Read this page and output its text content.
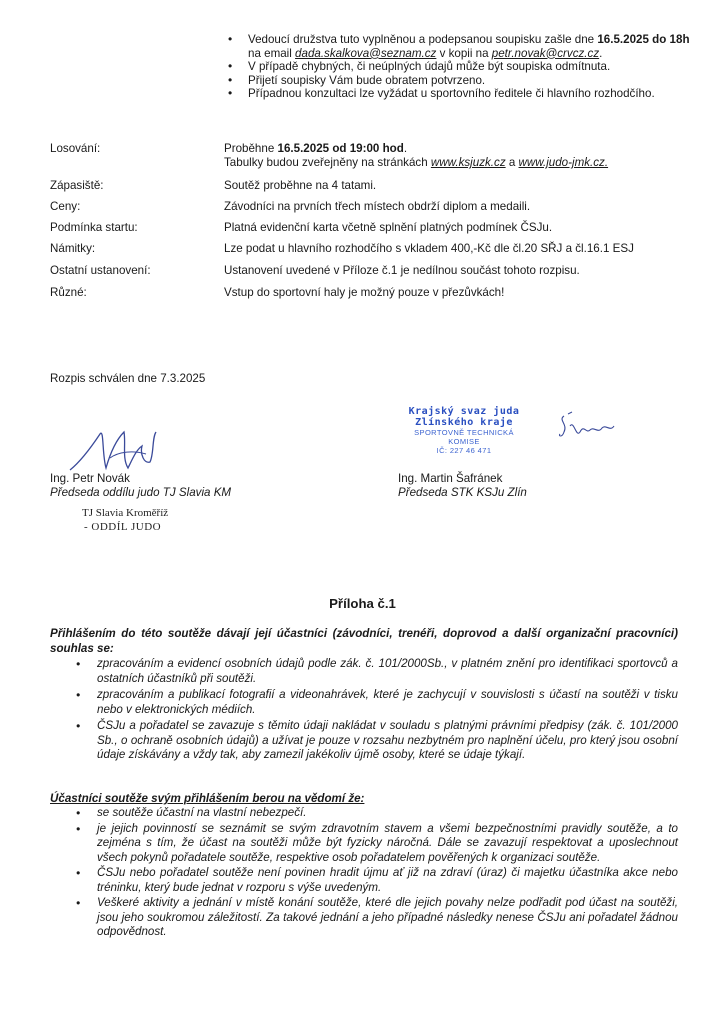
• Vedoucí družstva tuto vyplněnou a podepsanou soupisku zašle dne 16.5.2025 do 18h na email dada.skalkova@seznam.cz v kopii na petr.novak@crvcz.cz.
• V případě chybných, či neúplných údajů může být soupiska odmítnuta.
• Přijetí soupisky Vám bude obratem potvrzeno.
• Případnou konzultaci lze vyžádat u sportovního ředitele či hlavního rozhodčího.
Losování:	Proběhne 16.5.2025 od 19:00 hod.
Tabulky budou zveřejněny na stránkách www.ksjuzk.cz a www.judo-jmk.cz.
Zápasiště:	Soutěž proběhne na 4 tatami.
Ceny:	Závodníci na prvních třech místech obdrží diplom a medaili.
Podmínka startu:	Platná evidenční karta včetně splnění platných podmínek ČSJu.
Námitky:	Lze podat u hlavního rozhodčího s vkladem 400,-Kč dle čl.20 SŘJ a čl.16.1 ESJ
Ostatní ustanovení:	Ustanovení uvedené v Příloze č.1 je nedílnou součást tohoto rozpisu.
Různé:	Vstup do sportovní haly je možný pouze v přezůvkách!
Rozpis schválen dne 7.3.2025
Ing. Petr Novák
Předseda oddílu judo TJ Slavia KM
TJ Slavia Kroměříž
- ODDÍL JUDO
Krajský svaz juda
Zlínského kraje
SPORTOVNĚ TECHNICKÁ KOMISE
IČ: 227 46 471
Ing. Martin Šafránek
Předseda STK KSJu Zlín
Příloha č.1

Přihlášením do této soutěže dávají její účastníci (závodníci, trenéři, doprovod a další organizační pracovníci) souhlas se:

• zpracováním a evidencí osobních údajů podle zák. č. 101/2000Sb., v platném znění pro identifikaci sportovců a ostatních účastníků při soutěži.
• zpracováním a publikací fotografií a videonahrávek, které je zachycují v souvislosti s účastí na soutěži v tisku nebo v elektronických médiích.
• ČSJu a pořadatel se zavazuje s těmito údaji nakládat v souladu s platnými právními předpisy (zák. č. 101/2000 Sb., o ochraně osobních údajů) a užívat je pouze v rozsahu nezbytném pro naplnění účelu, pro který jsou osobní údaje získávány a vždy tak, aby zamezil jakékoliv újmě osoby, které se údaje týkají.

Účastníci soutěže svým přihlášením berou na vědomí že:

• se soutěže účastní na vlastní nebezpečí.
• je jejich povinností se seznámit se svým zdravotním stavem a všemi bezpečnostními pravidly soutěže, a to zejména s tím, že účast na soutěži může být fyzicky náročná. Dále se zavazují respektovat a uposlechnout všech pokynů pořadatele soutěže, respektive osob pořadatelem pověřených k organizaci soutěže.
• ČSJu nebo pořadatel soutěže není povinen hradit újmu ať již na zdraví (úraz) či majetku účastníka akce nebo tréninku, který bude jednat v rozporu s výše uvedeným.
• Veškeré aktivity a jednání v místě konání soutěže, které dle jejich povahy nelze podřadit pod účast na soutěži, jsou jeho soukromou záležitostí. Za takové jednání a jeho případné následky nenese ČSJu ani pořadatel žádnou odpovědnost.
